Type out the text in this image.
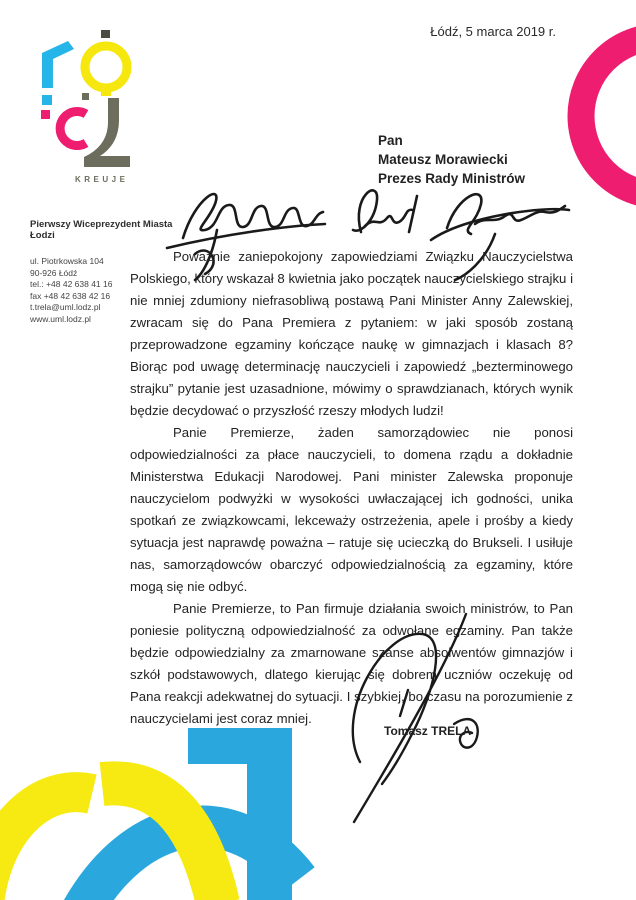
Łódź, 5 marca 2019 r.
KREUJE

Pierwszy Wiceprezydent Miasta Łodzi

ul. Piotrkowska 104
90-926 Łódź
tel.: +48 42 638 41 16
fax +48 42 638 42 16
t.trela@uml.lodz.pl
www.uml.lodz.pl
Pan
Mateusz Morawiecki
Prezes Rady Ministrów

Poważnie zaniepokojony zapowiedziami Związku Nauczycielstwa Polskiego, który wskazał 8 kwietnia jako początek nauczycielskiego strajku i nie mniej zdumiony niefrasobliwą postawą Pani Minister Anny Zalewskiej, zwracam się do Pana Premiera z pytaniem: w jaki sposób zostaną przeprowadzone egzaminy kończące naukę w gimnazjach i klasach 8? Biorąc pod uwagę determinację nauczycieli i zapowiedź „bezterminowego strajku” pytanie jest uzasadnione, mówimy o sprawdzianach, których wynik będzie decydować o przyszłość rzeszy młodych ludzi!

Panie Premierze, żaden samorządowiec nie ponosi odpowiedzialności za płace nauczycieli, to domena rządu a dokładnie Ministerstwa Edukacji Narodowej. Pani minister Zalewska proponuje nauczycielom podwyżki w wysokości uwłaczającej ich godności, unika spotkań ze związkowcami, lekceważy ostrzeżenia, apele i prośby a kiedy sytuacja jest naprawdę poważna – ratuje się ucieczką do Brukseli. I usiłuje nas, samorządowców obarczyć odpowiedzialnością za egzaminy, które mogą się nie odbyć.

Panie Premierze, to Pan firmuje działania swoich ministrów, to Pan poniesie polityczną odpowiedzialność za odwołane egzaminy. Pan także będzie odpowiedzialny za zmarnowane szanse absolwentów gimnazjów i szkół podstawowych, dlatego kierując się dobrem uczniów oczekuję od Pana reakcji adekwatnej do sytuacji. I szybkiej, bo czasu na porozumienie z nauczycielami jest coraz mniej.

Tomasz TRELA
